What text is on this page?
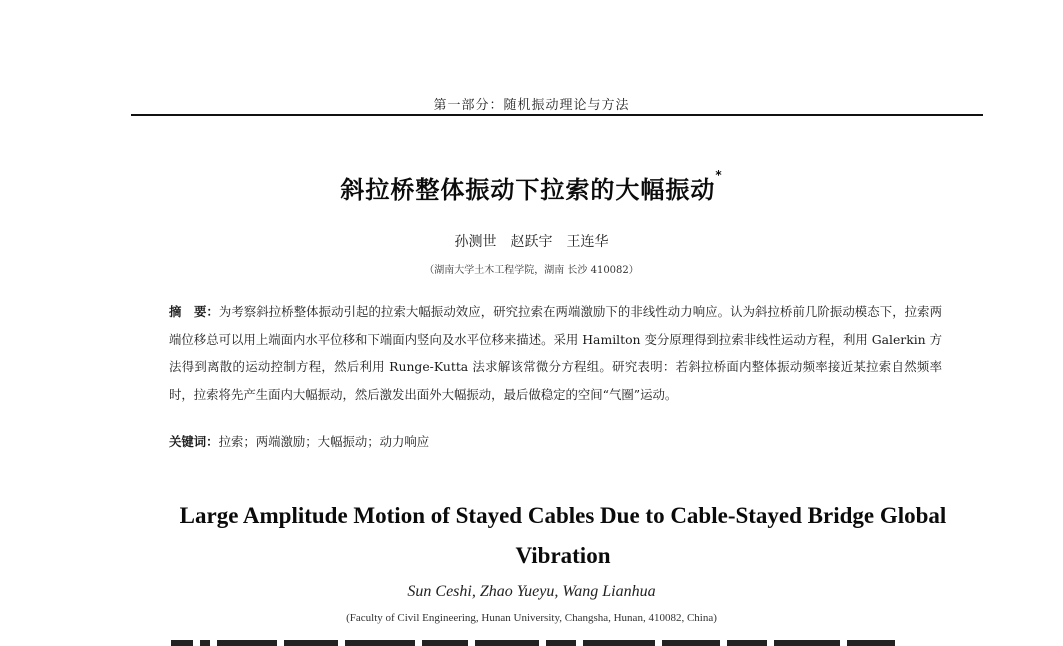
第一部分：随机振动理论与方法
斜拉桥整体振动下拉索的大幅振动*
孙测世　赵跃宇　王连华
（湖南大学土木工程学院，湖南 长沙 410082）
摘　要：为考察斜拉桥整体振动引起的拉索大幅振动效应，研究拉索在两端激励下的非线性动力响应。认为斜拉桥前几阶振动模态下，拉索两端位移总可以用上端面内水平位移和下端面内竖向及水平位移来描述。采用 Hamilton 变分原理得到拉索非线性运动方程，利用 Galerkin 方法得到离散的运动控制方程，然后利用 Runge-Kutta 法求解该常微分方程组。研究表明：若斜拉桥面内整体振动频率接近某拉索自然频率时，拉索将先产生面内大幅振动，然后激发出面外大幅振动，最后做稳定的空间“气圈”运动。
关键词：拉索；两端激励；大幅振动；动力响应
Large Amplitude Motion of Stayed Cables Due to Cable-Stayed Bridge Global Vibration
Sun Ceshi, Zhao Yueyu, Wang Lianhua
(Faculty of Civil Engineering, Hunan University, Changsha, Hunan, 410082, China)
